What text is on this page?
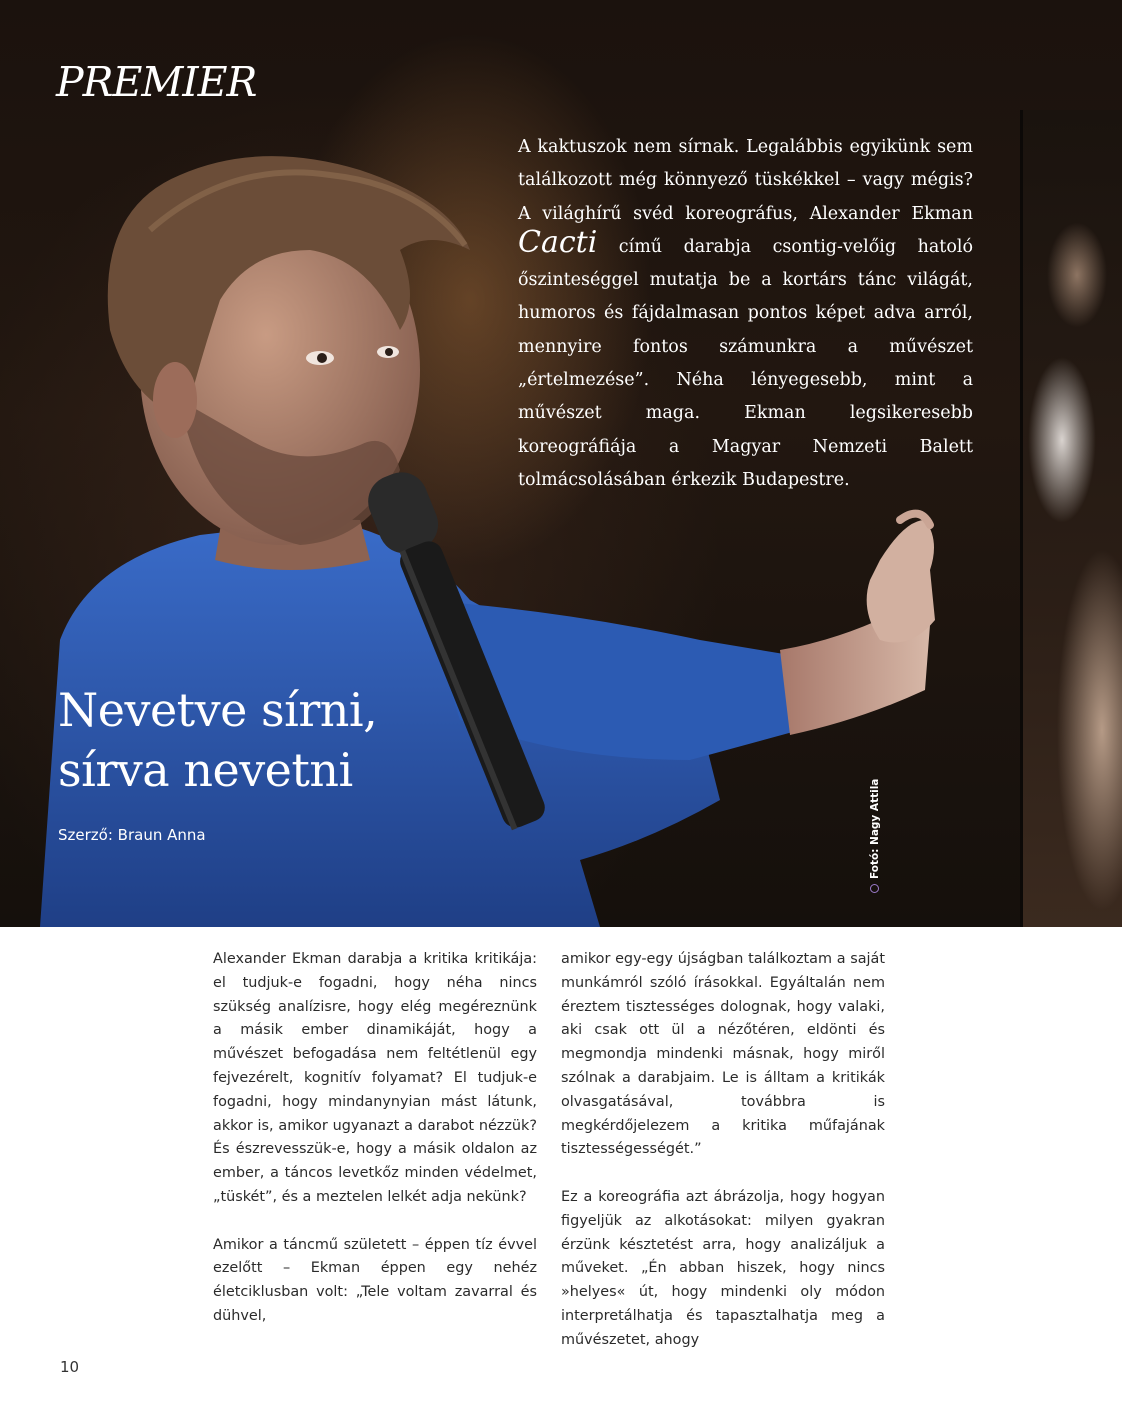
PREMIER

A kaktuszok nem sírnak. Legalábbis egyikünk sem találkozott még könnyező tüskékkel – vagy mégis? A világhírű svéd koreográfus, Alexander Ekman Cacti című darabja csontig-velőig hatoló őszinteséggel mutatja be a kortárs tánc világát, humoros és fájdalmasan pontos képet adva arról, mennyire fontos számunkra a művészet „értelmezése”. Néha lényegesebb, mint a művészet maga. Ekman legsikeresebb koreográfiája a Magyar Nemzeti Balett tolmácsolásában érkezik Budapestre.

Nevetve sírni,
sírva nevetni

Szerző: Braun Anna	Fotó: Nagy Attila

Alexander Ekman darabja a kritika kritikája: el tudjuk-e fogadni, hogy néha nincs szükség analízisre, hogy elég megéreznünk a másik ember dinamikáját, hogy a művészet befogadása nem feltétlenül egy fejvezérelt, kognitív folyamat? El tudjuk-e fogadni, hogy mindanynyian mást látunk, akkor is, amikor ugyanazt a darabot nézzük? És észrevesszük-e, hogy a másik oldalon az ember, a táncos levetkőz minden védelmet, „tüskét”, és a meztelen lelkét adja nekünk?

Amikor a táncmű született – éppen tíz évvel ezelőtt – Ekman éppen egy nehéz életciklusban volt: „Tele voltam zavarral és dühvel,

amikor egy-egy újságban találkoztam a saját munkámról szóló írásokkal. Egyáltalán nem éreztem tisztességes dolognak, hogy valaki, aki csak ott ül a nézőtéren, eldönti és megmondja mindenki másnak, hogy miről szólnak a darabjaim. Le is álltam a kritikák olvasgatásával, továbbra is megkérdőjelezem a kritika műfajának tisztességességét.”

Ez a koreográfia azt ábrázolja, hogy hogyan figyeljük az alkotásokat: milyen gyakran érzünk késztetést arra, hogy analizáljuk a műveket. „Én abban hiszek, hogy nincs »helyes« út, hogy mindenki oly módon interpretálhatja és tapasztalhatja meg a művészetet, ahogy

10
